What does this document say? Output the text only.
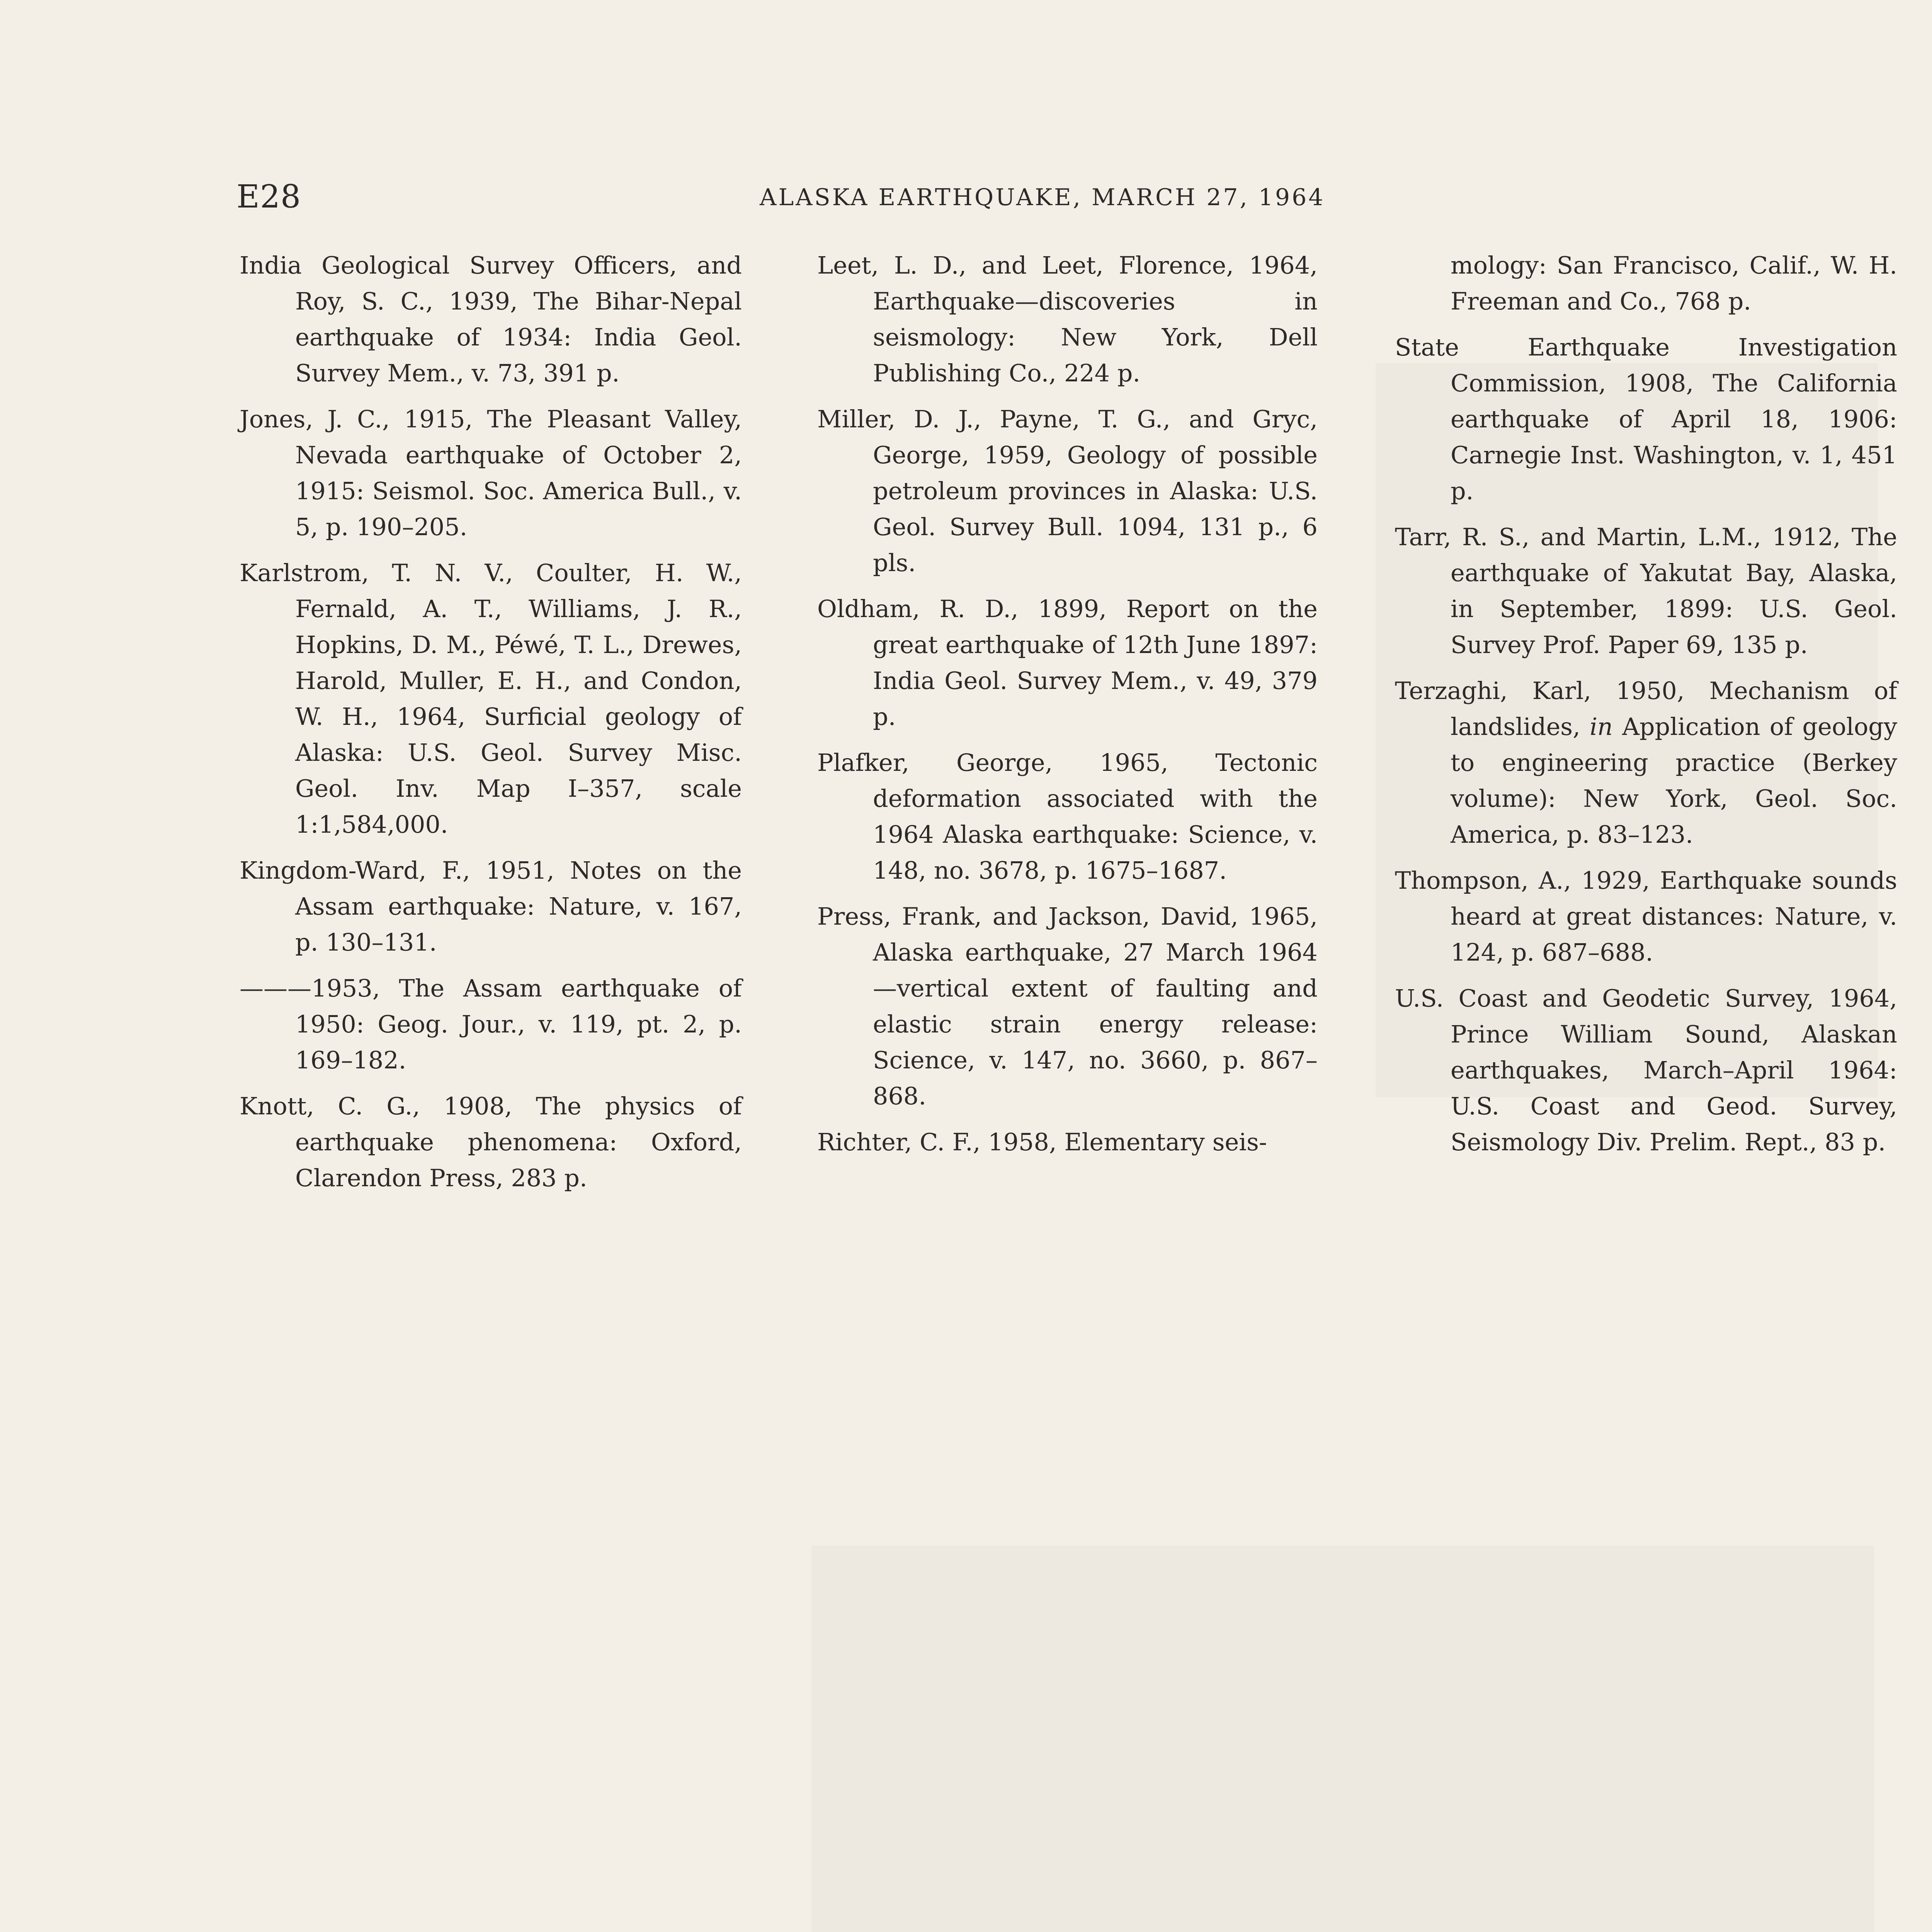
E28	ALASKA EARTHQUAKE, MARCH 27, 1964

India Geological Survey Officers, and Roy, S. C., 1939, The Bihar-Nepal earthquake of 1934: India Geol. Survey Mem., v. 73, 391 p.

Jones, J. C., 1915, The Pleasant Valley, Nevada earthquake of October 2, 1915: Seismol. Soc. America Bull., v. 5, p. 190–205.

Karlstrom, T. N. V., Coulter, H. W., Fernald, A. T., Williams, J. R., Hopkins, D. M., Péwé, T. L., Drewes, Harold, Muller, E. H., and Condon, W. H., 1964, Surficial geology of Alaska: U.S. Geol. Survey Misc. Geol. Inv. Map I–357, scale 1:1,584,000.

Kingdom-Ward, F., 1951, Notes on the Assam earthquake: Nature, v. 167, p. 130–131.

———1953, The Assam earthquake of 1950: Geog. Jour., v. 119, pt. 2, p. 169–182.

Knott, C. G., 1908, The physics of earthquake phenomena: Oxford, Clarendon Press, 283 p.

Leet, L. D., and Leet, Florence, 1964, Earthquake—discoveries in seismology: New York, Dell Publishing Co., 224 p.

Miller, D. J., Payne, T. G., and Gryc, George, 1959, Geology of possible petroleum provinces in Alaska: U.S. Geol. Survey Bull. 1094, 131 p., 6 pls.

Oldham, R. D., 1899, Report on the great earthquake of 12th June 1897: India Geol. Survey Mem., v. 49, 379 p.

Plafker, George, 1965, Tectonic deformation associated with the 1964 Alaska earthquake: Science, v. 148, no. 3678, p. 1675–1687.

Press, Frank, and Jackson, David, 1965, Alaska earthquake, 27 March 1964—vertical extent of faulting and elastic strain energy release: Science, v. 147, no. 3660, p. 867–868.

Richter, C. F., 1958, Elementary seis-

mology: San Francisco, Calif., W. H. Freeman and Co., 768 p.

State Earthquake Investigation Commission, 1908, The California earthquake of April 18, 1906: Carnegie Inst. Washington, v. 1, 451 p.

Tarr, R. S., and Martin, L.M., 1912, The earthquake of Yakutat Bay, Alaska, in September, 1899: U.S. Geol. Survey Prof. Paper 69, 135 p.

Terzaghi, Karl, 1950, Mechanism of landslides, in Application of geology to engineering practice (Berkey volume): New York, Geol. Soc. America, p. 83–123.

Thompson, A., 1929, Earthquake sounds heard at great distances: Nature, v. 124, p. 687–688.

U.S. Coast and Geodetic Survey, 1964, Prince William Sound, Alaskan earthquakes, March–April 1964: U.S. Coast and Geod. Survey, Seismology Div. Prelim. Rept., 83 p.
